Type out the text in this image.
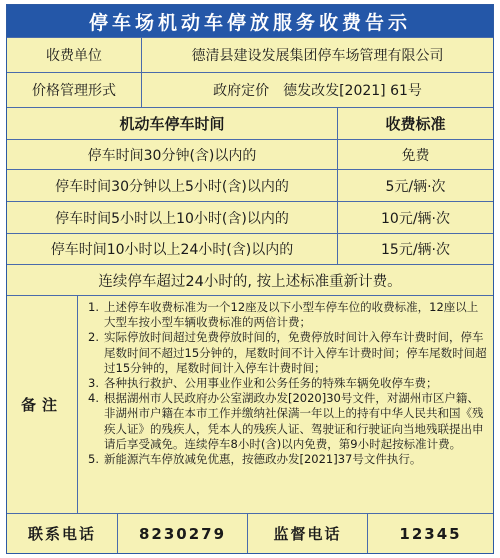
停车场机动车停放服务收费告示
收费单位	德清县建设发展集团停车场管理有限公司
价格管理形式	政府定价　德发改发[2021] 61号
机动车停车时间	收费标准
停车时间30分钟(含)以内的	免费
停车时间30分钟以上5小时(含)以内的	5元/辆·次
停车时间5小时以上10小时(含)以内的	10元/辆·次
停车时间10小时以上24小时(含)以内的	15元/辆·次
连续停车超过24小时的, 按上述标准重新计费。
备注
1. 上述停车收费标准为一个12座及以下小型车停车位的收费标准，12座以上大型车按小型车辆收费标准的两倍计费；
2. 实际停放时间超过免费停放时间的，免费停放时间计入停车计费时间，停车尾数时间不超过15分钟的，尾数时间不计入停车计费时间；停车尾数时间超过15分钟的，尾数时间计入停车计费时间；
3. 各种执行救护、公用事业作业和公务任务的特殊车辆免收停车费；
4. 根据湖州市人民政府办公室湖政办发[2020]30号文件，对湖州市区户籍、非湖州市户籍在本市工作并缴纳社保满一年以上的持有中华人民共和国《残疾人证》的残疾人，凭本人的残疾人证、驾驶证和行驶证向当地残联提出申请后享受减免。连续停车8小时(含)以内免费，第9小时起按标准计费。
5. 新能源汽车停放减免优惠，按德政办发[2021]37号文件执行。
联系电话	8230279	监督电话	12345
